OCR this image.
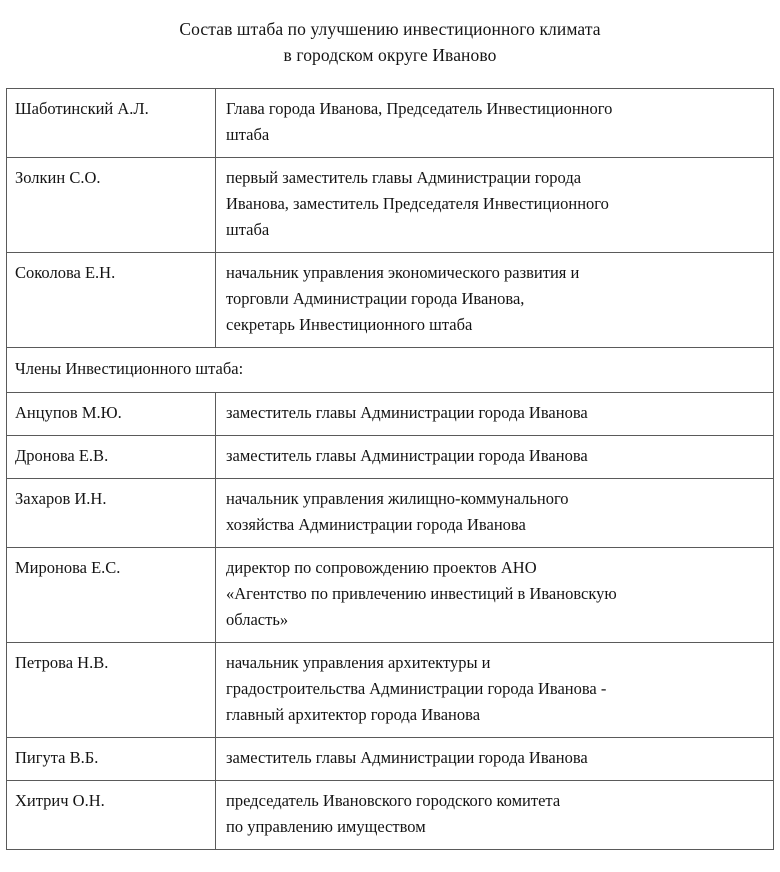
Состав штаба по улучшению инвестиционного климата
в городском округе Иваново
Шаботинский А.Л.	Глава города Иванова, Председатель Инвестиционного
штаба

Золкин С.О.	первый заместитель главы Администрации города
Иванова, заместитель Председателя Инвестиционного
штаба

Соколова Е.Н.	начальник управления экономического развития и
торговли Администрации города Иванова,
секретарь Инвестиционного штаба

Члены Инвестиционного штаба:	

Анцупов М.Ю.	заместитель главы Администрации города Иванова

Дронова Е.В.	заместитель главы Администрации города Иванова

Захаров И.Н.	начальник управления жилищно-коммунального
хозяйства Администрации города Иванова

Миронова Е.С.	директор по сопровождению проектов АНО
«Агентство по привлечению инвестиций в Ивановскую
область»

Петрова Н.В.	начальник управления архитектуры и
градостроительства Администрации города Иванова -
главный архитектор города Иванова

Пигута В.Б.	заместитель главы Администрации города Иванова

Хитрич О.Н.	председатель Ивановского городского комитета
по управлению имуществом
